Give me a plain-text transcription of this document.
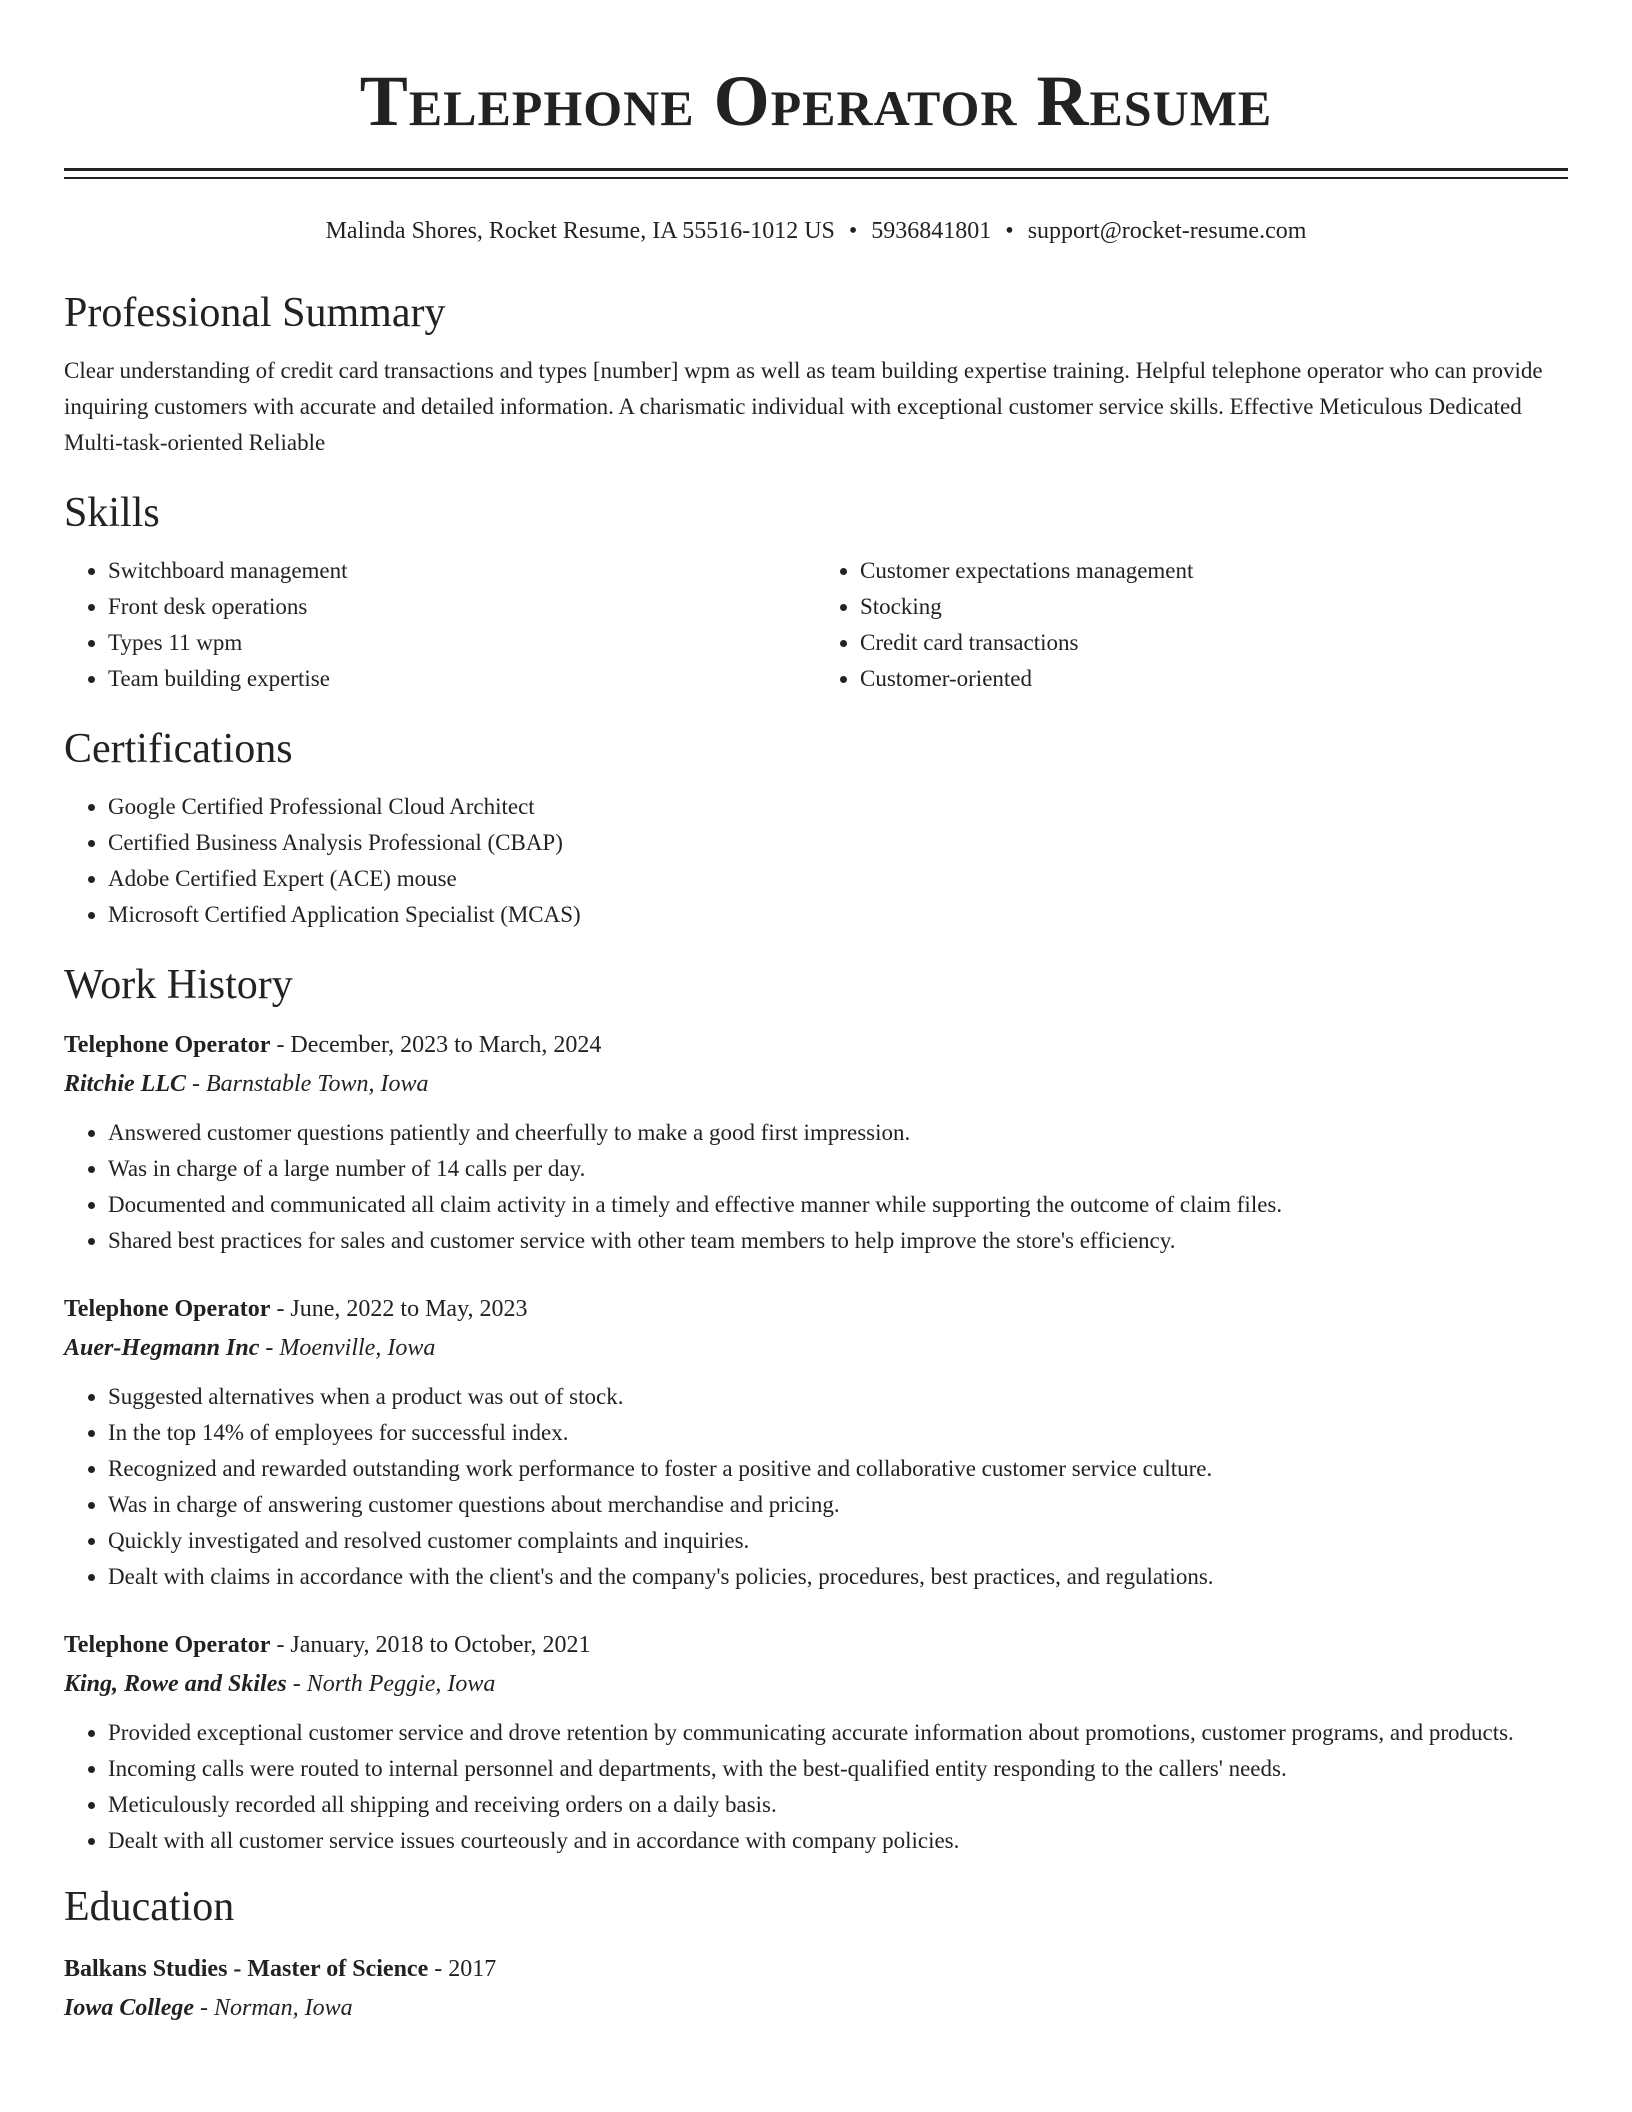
Telephone Operator Resume
Malinda Shores, Rocket Resume, IA 55516-1012 US • 5936841801 • support@rocket-resume.com
Professional Summary

Clear understanding of credit card transactions and types [number] wpm as well as team building expertise training. Helpful telephone operator who can provide inquiring customers with accurate and detailed information. A charismatic individual with exceptional customer service skills. Effective Meticulous Dedicated Multi-task-oriented Reliable

Skills
• Switchboard management
• Front desk operations
• Types 11 wpm
• Team building expertise
• Customer expectations management
• Stocking
• Credit card transactions
• Customer-oriented
Certifications
• Google Certified Professional Cloud Architect
• Certified Business Analysis Professional (CBAP)
• Adobe Certified Expert (ACE) mouse
• Microsoft Certified Application Specialist (MCAS)
Work History
Telephone Operator - December, 2023 to March, 2024
Ritchie LLC - Barnstable Town, Iowa
• Answered customer questions patiently and cheerfully to make a good first impression.
• Was in charge of a large number of 14 calls per day.
• Documented and communicated all claim activity in a timely and effective manner while supporting the outcome of claim files.
• Shared best practices for sales and customer service with other team members to help improve the store's efficiency.
Telephone Operator - June, 2022 to May, 2023
Auer-Hegmann Inc - Moenville, Iowa
• Suggested alternatives when a product was out of stock.
• In the top 14% of employees for successful index.
• Recognized and rewarded outstanding work performance to foster a positive and collaborative customer service culture.
• Was in charge of answering customer questions about merchandise and pricing.
• Quickly investigated and resolved customer complaints and inquiries.
• Dealt with claims in accordance with the client's and the company's policies, procedures, best practices, and regulations.
Telephone Operator - January, 2018 to October, 2021
King, Rowe and Skiles - North Peggie, Iowa
• Provided exceptional customer service and drove retention by communicating accurate information about promotions, customer programs, and products.
• Incoming calls were routed to internal personnel and departments, with the best-qualified entity responding to the callers' needs.
• Meticulously recorded all shipping and receiving orders on a daily basis.
• Dealt with all customer service issues courteously and in accordance with company policies.
Education
Balkans Studies - Master of Science - 2017
Iowa College - Norman, Iowa
